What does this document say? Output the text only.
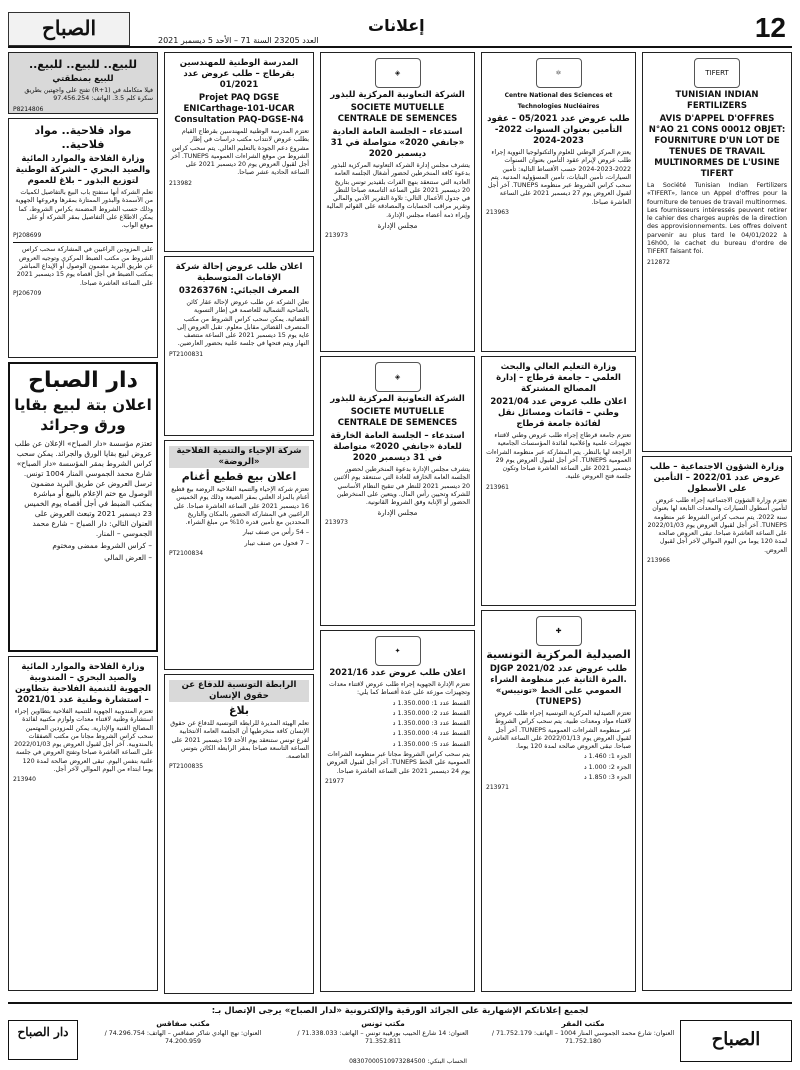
الصباح
العدد 23205 السنة 71 – الأحد 5 ديسمبر 2021
إعلانات	12
للبيع.. للبيع.. للبيع..
للبيع بمنطقتي
فيلا متكاملة في (R+1) تفتح على واجهتين بطريق سكرة كلم 3.5. الهاتف: 97.456.254
P8214806
مواد فلاحية.. مواد فلاحية..
وزارة الفلاحة والموارد المائية والصيد البحري – الشركة الوطنية لتوزيع البذور – بلاغ للعموم
تعلم الشركة أنها ستفتح باب البيع بالتفاصيل لكميات من الأسمدة والبذور الممتازة بمقرها وفروعها الجهوية وذلك حسب الشروط المضمنة بكراس الشروط، كما يمكن الاطلاع على التفاصيل بمقر الشركة أو على موقع الواب.
PJ208699
على المزودين الراغبين في المشاركة سحب كراس الشروط من مكتب الضبط المركزي وتوجيه العروض عن طريق البريد مضمون الوصول أو الإيداع المباشر بمكتب الضبط في أجل أقصاه يوم 15 ديسمبر 2021 على الساعة العاشرة صباحا.
PJ206709
دار الصباح
اعلان بتة لبيع بقايا ورق وجرائد
تعتزم مؤسسة «دار الصباح» الإعلان عن طلب عروض لبيع بقايا الورق والجرائد. يمكن سحب كراس الشروط بمقر المؤسسة «دار الصباح» شارع محمد الجموسي المنار 1004 تونس. ترسل العروض عن طريق البريد مضمون الوصول مع ختم الإعلام بالبيع أو مباشرة بمكتب الضبط في أجل أقصاه يوم الخميس 23 ديسمبر 2021 وتبعث العروض على العنوان التالي: دار الصباح – شارع محمد الجموسي – المنار.
– كراس الشروط ممضى ومختوم
– العرض المالي
وزارة الفلاحة والموارد المائية والصيد البحري – المندوبية الجهوية للتنمية الفلاحية بتطاوين – استشارة وطنية عدد 2021/01
تعتزم المندوبية الجهوية للتنمية الفلاحية بتطاوين إجراء استشارة وطنية لاقتناء معدات ولوازم مكتبية لفائدة المصالح الفنية والإدارية. يمكن للمزودين المهتمين سحب كراس الشروط مجانا من مكتب الصفقات بالمندوبية. آخر أجل لقبول العروض يوم 2022/01/03 على الساعة العاشرة صباحا وتفتح العروض في جلسة علنية بنفس اليوم. تبقى العروض صالحة لمدة 120 يوما ابتداء من اليوم الموالي لآخر أجل.
213940
المدرسة الوطنية للمهندسين بقرطاج – طلب عروض عدد 01/2021
Projet PAQ DGSE ENICarthage-101-UCAR Consultation PAQ-DGSE-N4
تعتزم المدرسة الوطنية للمهندسين بقرطاج القيام بطلب عروض لانتداب مكتب دراسات في إطار مشروع دعم الجودة بالتعليم العالي. يتم سحب كراس الشروط من موقع الشراءات العمومية TUNEPS. آخر أجل لقبول العروض يوم 20 ديسمبر 2021 على الساعة الحادية عشر صباحا.
213982
اعلان طلب عروض إحالة شركة الإقامات المتوسطية
المعرف الجبائي: 0326376N
تعلن الشركة عن طلب عروض لإحالة عقار كائن بالضاحية الشمالية للعاصمة في إطار التسوية القضائية. يمكن سحب كراس الشروط من مكتب المتصرف القضائي مقابل معلوم. تقبل العروض إلى غاية يوم 15 ديسمبر 2021 على الساعة منتصف النهار ويتم فتحها في جلسة علنية بحضور العارضين.
PT2100831
شركة الإحياء والتنمية الفلاحية «الروضة»
اعلان بيع قطيع أغنام
تعتزم شركة الإحياء والتنمية الفلاحية الروضة بيع قطيع أغنام بالمزاد العلني بمقر الضيعة وذلك يوم الخميس 16 ديسمبر 2021 على الساعة العاشرة صباحا. على الراغبين في المشاركة الحضور بالمكان والتاريخ المحددين مع تأمين قدره 10% من مبلغ الشراء.
– 54 رأس من صنف تيبار
– 7 فحول من صنف تيبار
PT2100834
الرابطة التونسية للدفاع عن حقوق الإنسان
بلاغ
تعلم الهيئة المديرة للرابطة التونسية للدفاع عن حقوق الإنسان كافة منخرطيها أن الجلسة العامة الانتخابية لفرع تونس ستنعقد يوم الأحد 19 ديسمبر 2021 على الساعة التاسعة صباحا بمقر الرابطة الكائن بتونس العاصمة.
PT2100835
◈
الشركة التعاونية المركزية للبذور
SOCIETE MUTUELLE CENTRALE DE SEMENCES
استدعاء – الجلسة العامة العادية «جانفي 2020» متواصلة في 31 ديسمبر 2020
يتشرف مجلس إدارة الشركة التعاونية المركزية للبذور بدعوة كافة المنخرطين لحضور أشغال الجلسة العامة العادية التي ستنعقد بنهج الفرات بلفيدير تونس بتاريخ 20 ديسمبر 2021 على الساعة التاسعة صباحا للنظر في جدول الأعمال التالي: تلاوة التقرير الأدبي والمالي وتقرير مراقب الحسابات والمصادقة على القوائم المالية وإبراء ذمة أعضاء مجلس الإدارة.
مجلس الإدارة
213973
◈
الشركة التعاونية المركزية للبذور
SOCIETE MUTUELLE CENTRALE DE SEMENCES
استدعاء – الجلسة العامة الخارقة للعادة «جانفي 2020» متواصلة في 31 ديسمبر 2020
يتشرف مجلس الإدارة بدعوة المنخرطين لحضور الجلسة العامة الخارقة للعادة التي ستنعقد يوم الاثنين 20 ديسمبر 2021 للنظر في تنقيح النظام الأساسي للشركة وتحيين رأس المال. ويتعين على المنخرطين الحضور أو الإنابة وفق الشروط القانونية.
مجلس الإدارة
213973
✦
اعلان طلب عروض عدد 2021/16
تعتزم الإدارة الجهوية إجراء طلب عروض لاقتناء معدات وتجهيزات موزعة على عدة أقساط كما يلي:
القسط عدد 1: 1.350.000 د
القسط عدد 2: 1.350.000 د
القسط عدد 3: 1.350.000 د
القسط عدد 4: 1.350.000 د
القسط عدد 5: 1.350.000 د
يتم سحب كراس الشروط مجانا عبر منظومة الشراءات العمومية على الخط TUNEPS. آخر أجل لقبول العروض يوم 24 ديسمبر 2021 على الساعة العاشرة صباحا.
21977
⚛
Centre National des Sciences et Technologies Nucléaires
طلب عروض عدد 05/2021 – عقود التأمين بعنوان السنوات 2022-2023-2024
يعتزم المركز الوطني للعلوم والتكنولوجيا النووية إجراء طلب عروض لإبرام عقود التأمين بعنوان السنوات 2022-2023-2024 حسب الأقساط التالية: تأمين السيارات، تأمين البنايات، تأمين المسؤولية المدنية. يتم سحب كراس الشروط عبر منظومة TUNEPS. آخر أجل لقبول العروض يوم 27 ديسمبر 2021 على الساعة العاشرة صباحا.
213963
وزارة التعليم العالي والبحث العلمي – جامعة قرطاج – إدارة المصالح المشتركة
اعلان طلب عروض عدد 2021/04 وطني – قائمات ومسائل نقل لفائدة جامعة قرطاج
تعتزم جامعة قرطاج إجراء طلب عروض وطني لاقتناء تجهيزات علمية وإعلامية لفائدة المؤسسات الجامعية الراجعة لها بالنظر. يتم المشاركة عبر منظومة الشراءات العمومية TUNEPS. آخر أجل لقبول العروض يوم 29 ديسمبر 2021 على الساعة العاشرة صباحا وتكون جلسة فتح العروض علنية.
213961
✚
الصيدلية المركزية التونسية
طلب عروض عدد 2021/02 DJGP .المرة الثانية عبر منظومة الشراء العمومي على الخط «تونيبس» (TUNEPS)
تعتزم الصيدلية المركزية التونسية إجراء طلب عروض لاقتناء مواد ومعدات طبية. يتم سحب كراس الشروط عبر منظومة الشراءات العمومية TUNEPS. آخر أجل لقبول العروض يوم 2022/01/13 على الساعة العاشرة صباحا. تبقى العروض صالحة لمدة 120 يوما.
الجزء 1: 1.460 د
الجزء 2: 1.000 د
الجزء 3: 1.850 د
213971
TIFERT
TUNISIAN INDIAN FERTILIZERS
AVIS D'APPEL D'OFFRES N°AO 21 CONS 00012 OBJET: FOURNITURE D'UN LOT DE TENUES DE TRAVAIL MULTINORMES DE L'USINE TIFERT
La Société Tunisian Indian Fertilizers «TIFERT», lance un Appel d'offres pour la fourniture de tenues de travail multinormes. Les fournisseurs intéressés peuvent retirer le cahier des charges auprès de la direction des approvisionnements. Les offres doivent parvenir au plus tard le 04/01/2022 à 16h00, le cachet du bureau d'ordre de TIFERT faisant foi.
212872
وزارة الشؤون الاجتماعية – طلب عروض عدد 2022/01 – التأمين على الأسطول
تعتزم وزارة الشؤون الاجتماعية إجراء طلب عروض لتأمين أسطول السيارات والمعدات التابعة لها بعنوان سنة 2022. يتم سحب كراس الشروط عبر منظومة TUNEPS. آخر أجل لقبول العروض يوم 2022/01/03 على الساعة العاشرة صباحا. تبقى العروض صالحة لمدة 120 يوما من اليوم الموالي لآخر أجل لقبول العروض.
213966
لجميع إعلاناتكم الإشهارية على الجرائد الورقية والإلكترونية «لدار الصباح» يرجى الإتصال بـ:
الصباح
دار الصباح
مكتب المقر
العنوان: شارع محمد الجموسي المنار 1004 – الهاتف: 71.752.179 / 71.752.180
مكتب تونس
العنوان: 14 شارع الحبيب بورقيبة تونس – الهاتف: 71.338.033 / 71.352.811
مكتب صفاقس
العنوان: نهج الهادي شاكر صفاقس – الهاتف: 74.296.754 / 74.200.959
الحساب البنكي: 08307000510973284500
